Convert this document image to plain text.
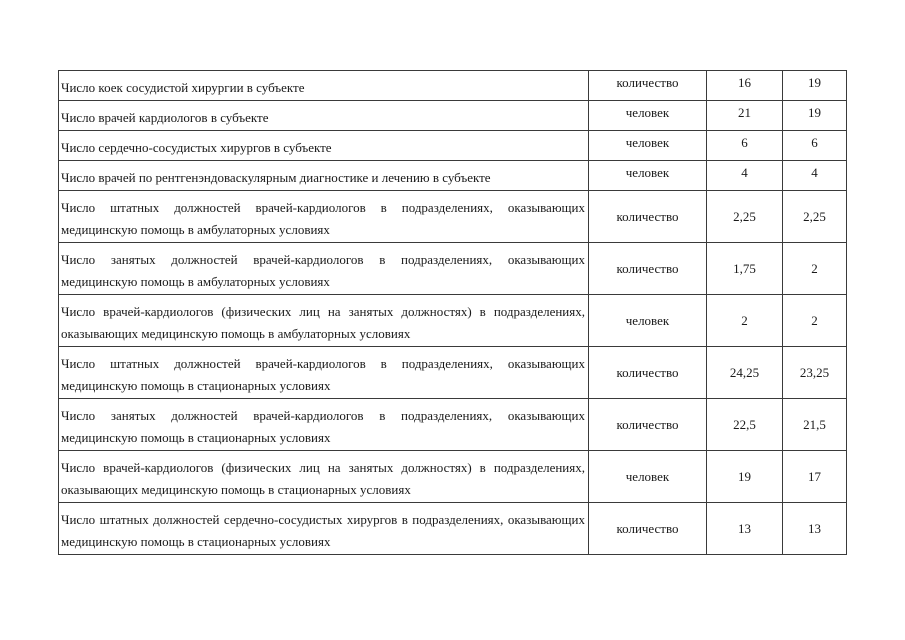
Число коек сосудистой хирургии в субъекте	количество	16	19
Число врачей кардиологов в субъекте	человек	21	19
Число сердечно-сосудистых хирургов в субъекте	человек	6	6
Число врачей по рентгенэндоваскулярным диагностике и лечению в субъекте	человек	4	4
Число штатных должностей врачей-кардиологов в подразделениях, оказывающих медицинскую помощь в амбулаторных условиях	количество	2,25	2,25
Число занятых должностей врачей-кардиологов в подразделениях, оказывающих медицинскую помощь в амбулаторных условиях	количество	1,75	2
Число врачей-кардиологов (физических лиц на занятых должностях) в подразделениях, оказывающих медицинскую помощь в амбулаторных условиях	человек	2	2
Число штатных должностей врачей-кардиологов в подразделениях, оказывающих медицинскую помощь в стационарных условиях	количество	24,25	23,25
Число занятых должностей врачей-кардиологов в подразделениях, оказывающих медицинскую помощь в стационарных условиях	количество	22,5	21,5
Число врачей-кардиологов (физических лиц на занятых должностях) в подразделениях, оказывающих медицинскую помощь в стационарных условиях	человек	19	17
Число штатных должностей сердечно-сосудистых хирургов в подразделениях, оказывающих медицинскую помощь в стационарных условиях	количество	13	13
